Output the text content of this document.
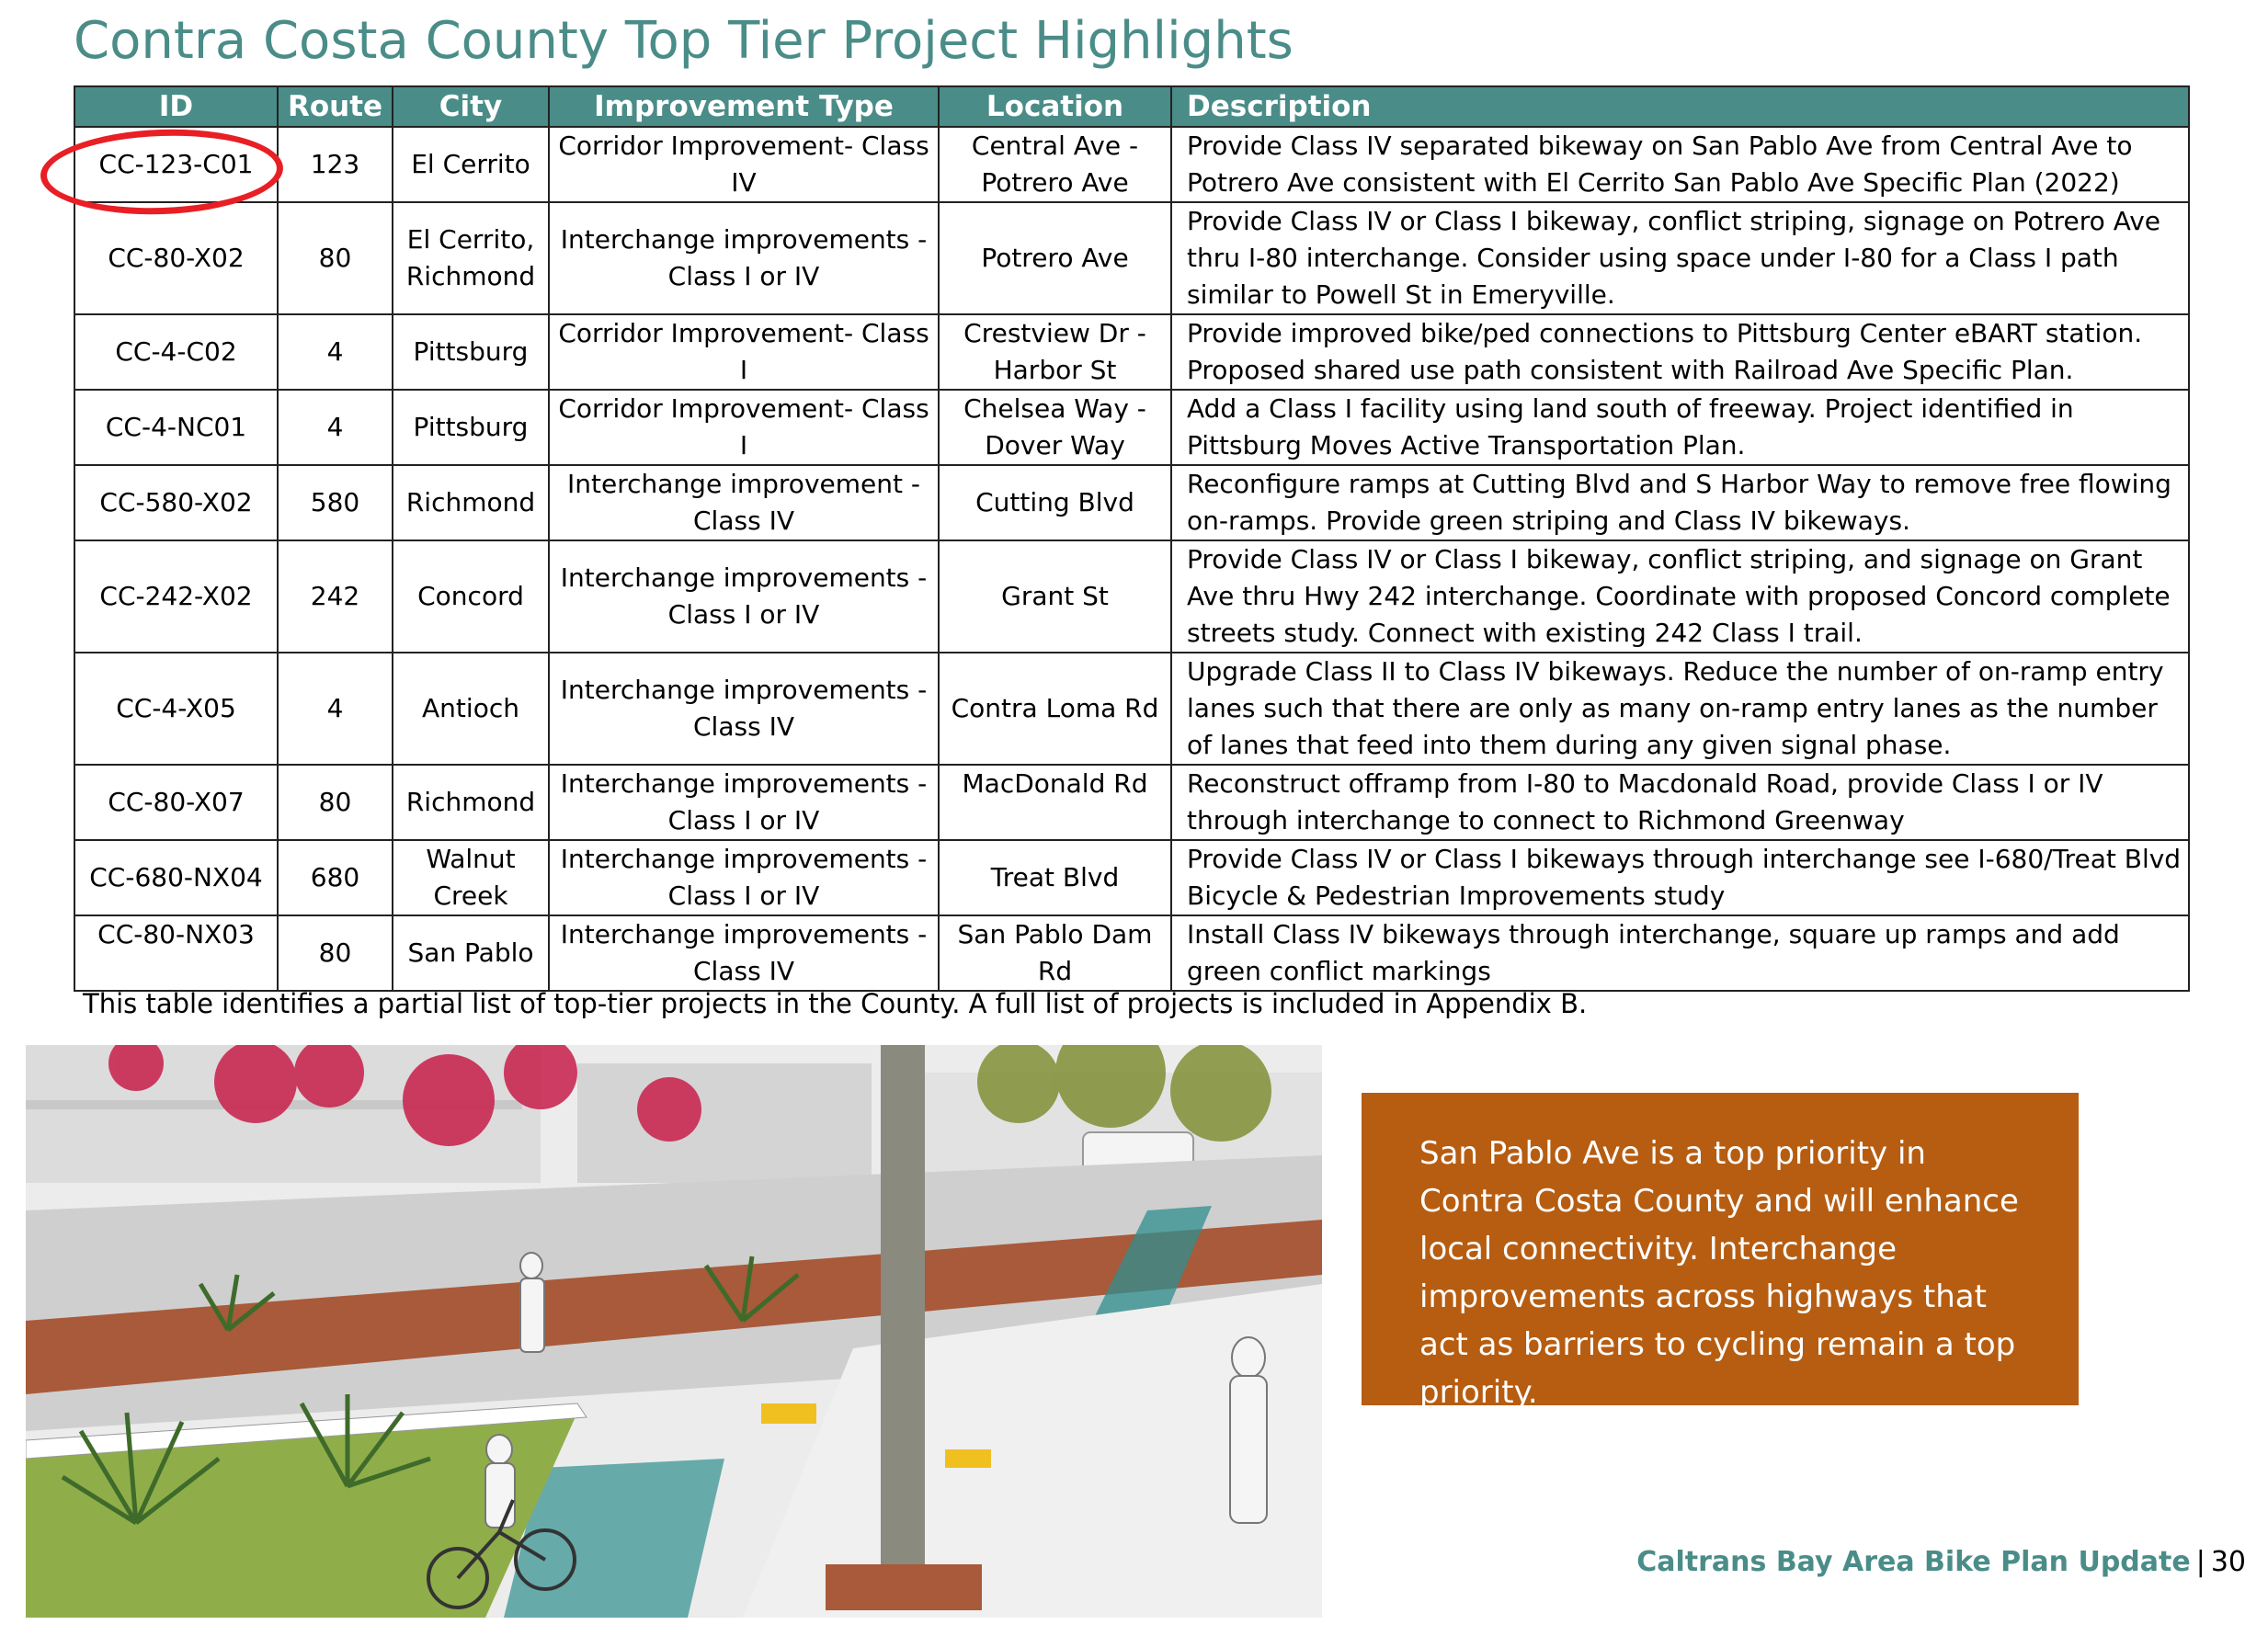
Contra Costa County Top Tier Project Highlights
ID	Route	City	Improvement Type	Location	Description
CC-123-C01	123	El Cerrito	Corridor Improvement- Class IV	Central Ave - Potrero Ave	Provide Class IV separated bikeway on San Pablo Ave from Central Ave to Potrero Ave consistent with El Cerrito San Pablo Ave Specific Plan (2022)
CC-80-X02	80	El Cerrito, Richmond	Interchange improvements - Class I or IV	Potrero Ave	Provide Class IV or Class I bikeway, conflict striping, signage on Potrero Ave thru I-80 interchange. Consider using space under I-80 for a Class I path similar to Powell St in Emeryville.
CC-4-C02	4	Pittsburg	Corridor Improvement- Class I	Crestview Dr - Harbor St	Provide improved bike/ped connections to Pittsburg Center eBART station. Proposed shared use path consistent with Railroad Ave Specific Plan.
CC-4-NC01	4	Pittsburg	Corridor Improvement- Class I	Chelsea Way - Dover Way	Add a Class I facility using land south of freeway. Project identified in Pittsburg Moves Active Transportation Plan.
CC-580-X02	580	Richmond	Interchange improvement - Class IV	Cutting Blvd	Reconfigure ramps at Cutting Blvd and S Harbor Way to remove free flowing on-ramps. Provide green striping and Class IV bikeways.
CC-242-X02	242	Concord	Interchange improvements - Class I or IV	Grant St	Provide Class IV or Class I bikeway, conflict striping, and signage on Grant Ave thru Hwy 242 interchange. Coordinate with proposed Concord complete streets study. Connect with existing 242 Class I trail.
CC-4-X05	4	Antioch	Interchange improvements - Class IV	Contra Loma Rd	Upgrade Class II to Class IV bikeways. Reduce the number of on-ramp entry lanes such that there are only as many on-ramp entry lanes as the number of lanes that feed into them during any given signal phase.
CC-80-X07	80	Richmond	Interchange improvements - Class I or IV	MacDonald Rd	Reconstruct offramp from I-80 to Macdonald Road, provide Class I or IV through interchange to connect to Richmond Greenway
CC-680-NX04	680	Walnut Creek	Interchange improvements - Class I or IV	Treat Blvd	Provide Class IV or Class I bikeways through interchange see I-680/Treat Blvd Bicycle & Pedestrian Improvements study
CC-80-NX03	80	San Pablo	Interchange improvements - Class IV	San Pablo Dam Rd	Install Class IV bikeways through interchange, square up ramps and add green conflict markings
This table identifies a partial list of top-tier projects in the County. A full list of projects is included in Appendix B.
San Pablo Ave is a top priority in Contra Costa County and will enhance local connectivity. Interchange improvements across highways that act as barriers to cycling remain a top priority.
Caltrans Bay Area Bike Plan Update | 30
